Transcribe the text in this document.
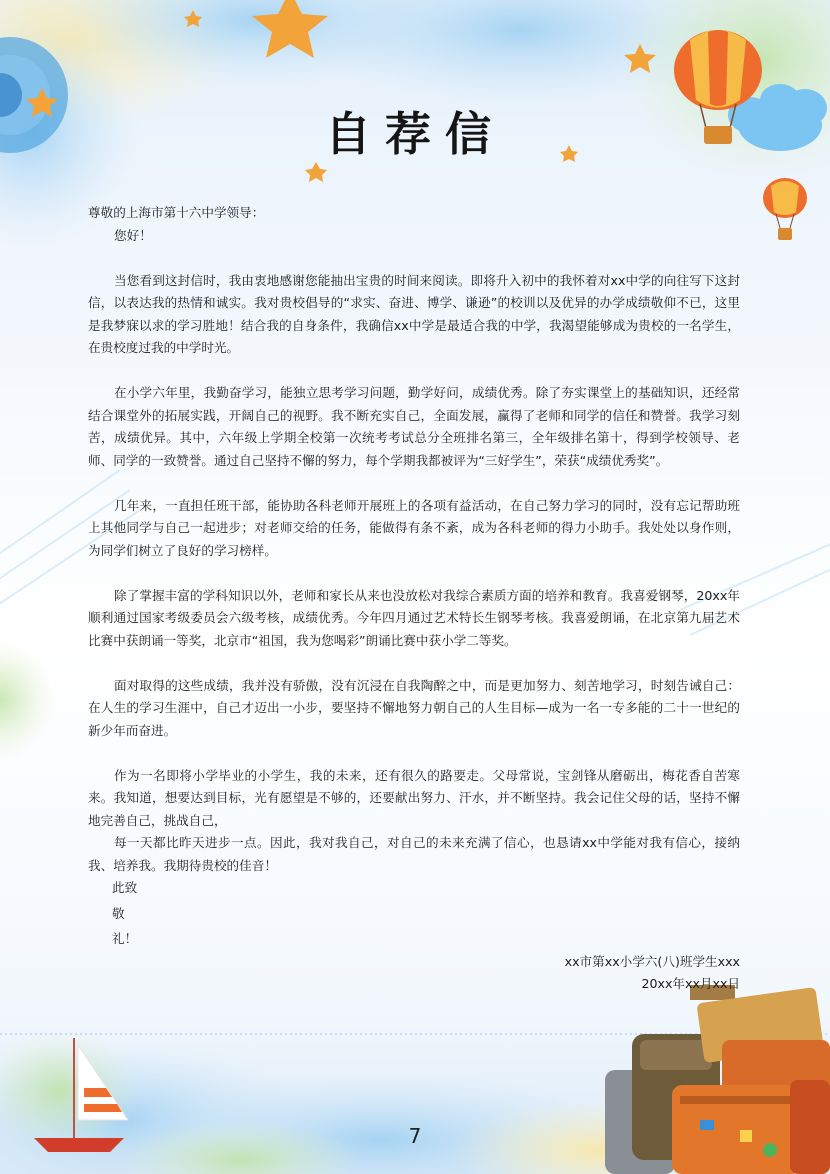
自荐信

尊敬的上海市第十六中学领导：

您好！

当您看到这封信时，我由衷地感谢您能抽出宝贵的时间来阅读。即将升入初中的我怀着对xx中学的向往写下这封信，以表达我的热情和诚实。我对贵校倡导的“求实、奋进、博学、谦逊”的校训以及优异的办学成绩敬仰不已，这里是我梦寐以求的学习胜地！结合我的自身条件，我确信xx中学是最适合我的中学，我渴望能够成为贵校的一名学生，在贵校度过我的中学时光。

在小学六年里，我勤奋学习，能独立思考学习问题，勤学好问，成绩优秀。除了夯实课堂上的基础知识，还经常结合课堂外的拓展实践，开阔自己的视野。我不断充实自己，全面发展，赢得了老师和同学的信任和赞誉。我学习刻苦，成绩优异。其中，六年级上学期全校第一次统考考试总分全班排名第三，全年级排名第十，得到学校领导、老师、同学的一致赞誉。通过自己坚持不懈的努力，每个学期我都被评为“三好学生”，荣获“成绩优秀奖”。

几年来，一直担任班干部，能协助各科老师开展班上的各项有益活动，在自己努力学习的同时，没有忘记帮助班上其他同学与自己一起进步；对老师交给的任务，能做得有条不紊，成为各科老师的得力小助手。我处处以身作则，为同学们树立了良好的学习榜样。

除了掌握丰富的学科知识以外，老师和家长从来也没放松对我综合素质方面的培养和教育。我喜爱钢琴，20xx年顺利通过国家考级委员会六级考核，成绩优秀。今年四月通过艺术特长生钢琴考核。我喜爱朗诵，在北京第九届艺术比赛中获朗诵一等奖，北京市“祖国，我为您喝彩”朗诵比赛中获小学二等奖。

面对取得的这些成绩，我并没有骄傲，没有沉浸在自我陶醉之中，而是更加努力、刻苦地学习，时刻告诫自己：在人生的学习生涯中，自己才迈出一小步，要坚持不懈地努力朝自己的人生目标—成为一名一专多能的二十一世纪的新少年而奋进。

作为一名即将小学毕业的小学生，我的未来，还有很久的路要走。父母常说，宝剑锋从磨砺出，梅花香自苦寒来。我知道，想要达到目标，光有愿望是不够的，还要献出努力、汗水，并不断坚持。我会记住父母的话，坚持不懈地完善自己，挑战自己，

每一天都比昨天进步一点。因此，我对我自己，对自己的未来充满了信心，也恳请xx中学能对我有信心，接纳我、培养我。我期待贵校的佳音！

此致

敬

礼！

xx市第xx小学六(八)班学生xxx

20xx年xx月xx日

7
